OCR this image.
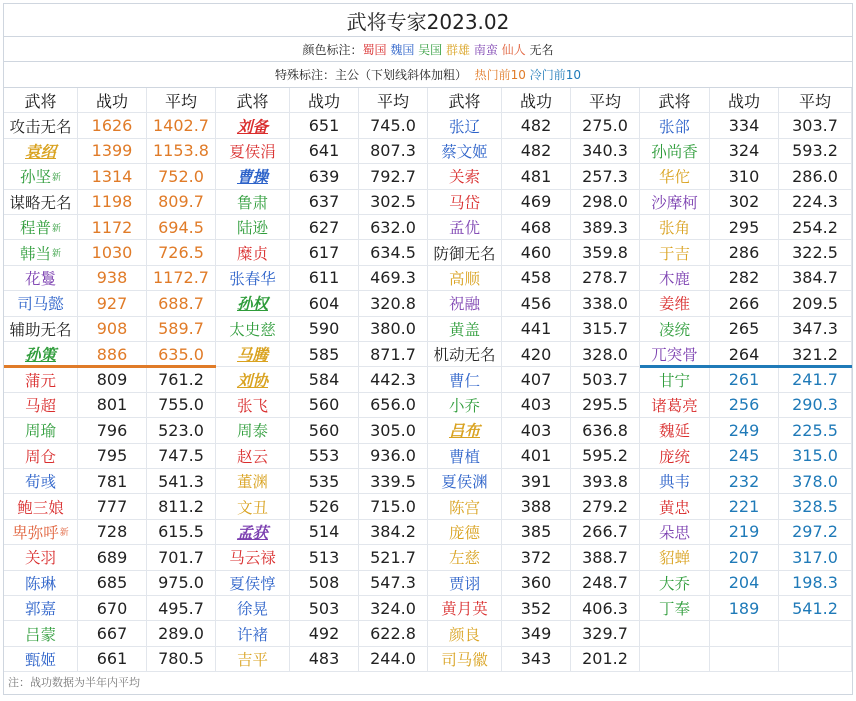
武将专家2023.02
颜色标注： 蜀国 魏国 吴国 群雄 南蛮 仙人 无名
特殊标注：主公（下划线斜体加粗）
热门前10
冷门前10
武将	战功	平均
攻击无名	1626	1402.7
袁绍	1399	1153.8
孙坚 新	1314	752.0
谋略无名	1198	809.7
程普 新	1172	694.5
韩当 新	1030	726.5
花鬘	938	1172.7
司马懿	927	688.7
辅助无名	908	589.7
孙策	886	635.0
蒲元	809	761.2
马超	801	755.0
周瑜	796	523.0
周仓	795	747.5
荀彧	781	541.3
鲍三娘	777	811.2
卑弥呼 新	728	615.5
关羽	689	701.7
陈琳	685	975.0
郭嘉	670	495.7
吕蒙	667	289.0
甄姬	661	780.5
武将	战功	平均
刘备	651	745.0
夏侯涓	641	807.3
曹操	639	792.7
鲁肃	637	302.5
陆逊	627	632.0
糜贞	617	634.5
张春华	611	469.3
孙权	604	320.8
太史慈	590	380.0
马腾	585	871.7
刘协	584	442.3
张飞	560	656.0
周泰	560	305.0
赵云	553	936.0
董渊	535	339.5
文丑	526	715.0
孟获	514	384.2
马云禄	513	521.7
夏侯惇	508	547.3
徐晃	503	324.0
许褚	492	622.8
吉平	483	244.0
武将	战功	平均
张辽	482	275.0
蔡文姬	482	340.3
关索	481	257.3
马岱	469	298.0
孟优	468	389.3
防御无名	460	359.8
高顺	458	278.7
祝融	456	338.0
黄盖	441	315.7
机动无名	420	328.0
曹仁	407	503.7
小乔	403	295.5
吕布	403	636.8
曹植	401	595.2
夏侯渊	391	393.8
陈宫	388	279.2
庞德	385	266.7
左慈	372	388.7
贾诩	360	248.7
黄月英	352	406.3
颜良	349	329.7
司马徽	343	201.2
武将	战功	平均
张郃	334	303.7
孙尚香	324	593.2
华佗	310	286.0
沙摩柯	302	224.3
张角	295	254.2
于吉	286	322.5
木鹿	282	384.7
姜维	266	209.5
凌统	265	347.3
兀突骨	264	321.2
甘宁	261	241.7
诸葛亮	256	290.3
魏延	249	225.5
庞统	245	315.0
典韦	232	378.0
黄忠	221	328.5
朵思	219	297.2
貂蝉	207	317.0
大乔	204	198.3
丁奉	189	541.2
注：战功数据为半年内平均
